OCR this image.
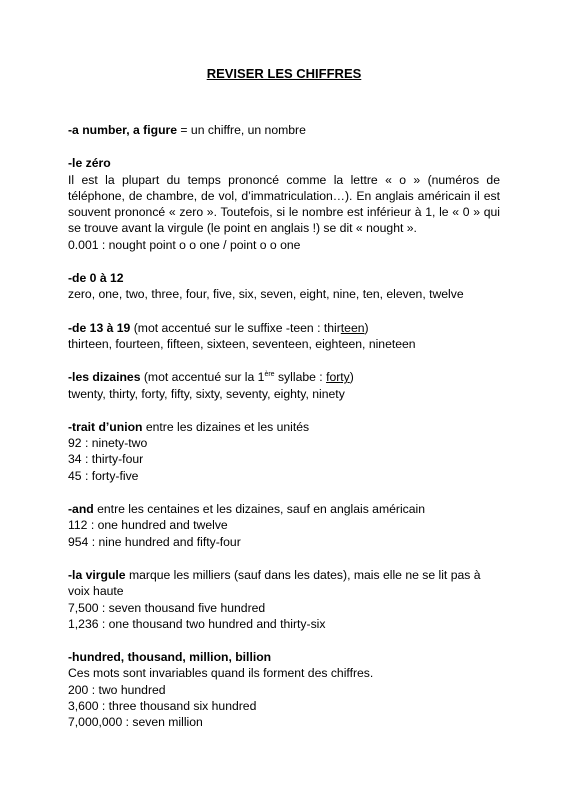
REVISER LES CHIFFRES

-a number, a figure = un chiffre, un nombre

-le zéro

Il est la plupart du temps prononcé comme la lettre « o » (numéros de téléphone, de chambre, de vol, d’immatriculation…). En anglais américain il est souvent prononcé « zero ». Toutefois, si le nombre est inférieur à 1, le « 0 » qui se trouve avant la virgule (le point en anglais !) se dit « nought ».

0.001 : nought point o o one / point o o one

-de 0 à 12

zero, one, two, three, four, five, six, seven, eight, nine, ten, eleven, twelve

-de 13 à 19 (mot accentué sur le suffixe -teen : thirteen)

thirteen, fourteen, fifteen, sixteen, seventeen, eighteen, nineteen

-les dizaines (mot accentué sur la 1ère syllabe : forty)

twenty, thirty, forty, fifty, sixty, seventy, eighty, ninety

-trait d’union entre les dizaines et les unités

92 : ninety-two

34 : thirty-four

45 : forty-five

-and entre les centaines et les dizaines, sauf en anglais américain

112 : one hundred and twelve

954 : nine hundred and fifty-four

-la virgule marque les milliers (sauf dans les dates), mais elle ne se lit pas à voix haute

7,500 : seven thousand five hundred

1,236 : one thousand two hundred and thirty-six

-hundred, thousand, million, billion

Ces mots sont invariables quand ils forment des chiffres.

200 : two hundred

3,600 : three thousand six hundred

7,000,000 : seven million
